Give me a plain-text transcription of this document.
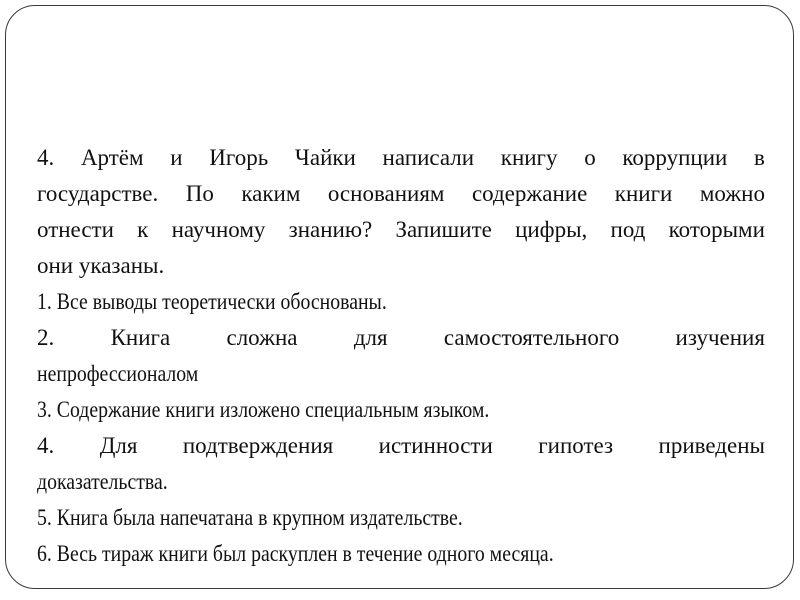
4. Артём и Игорь Чайки написали книгу о коррупции в
государстве. По каким основаниям содержание книги можно
отнести к научному знанию? Запишите цифры, под которыми
они указаны.
1. Все выводы теоретически обоснованы.
2. Книга сложна для самостоятельного изучения
непрофессионалом
3. Содержание книги изложено специальным языком.
4. Для подтверждения истинности гипотез приведены
доказательства.
5. Книга была напечатана в крупном издательстве.
6. Весь тираж книги был раскуплен в течение одного месяца.
